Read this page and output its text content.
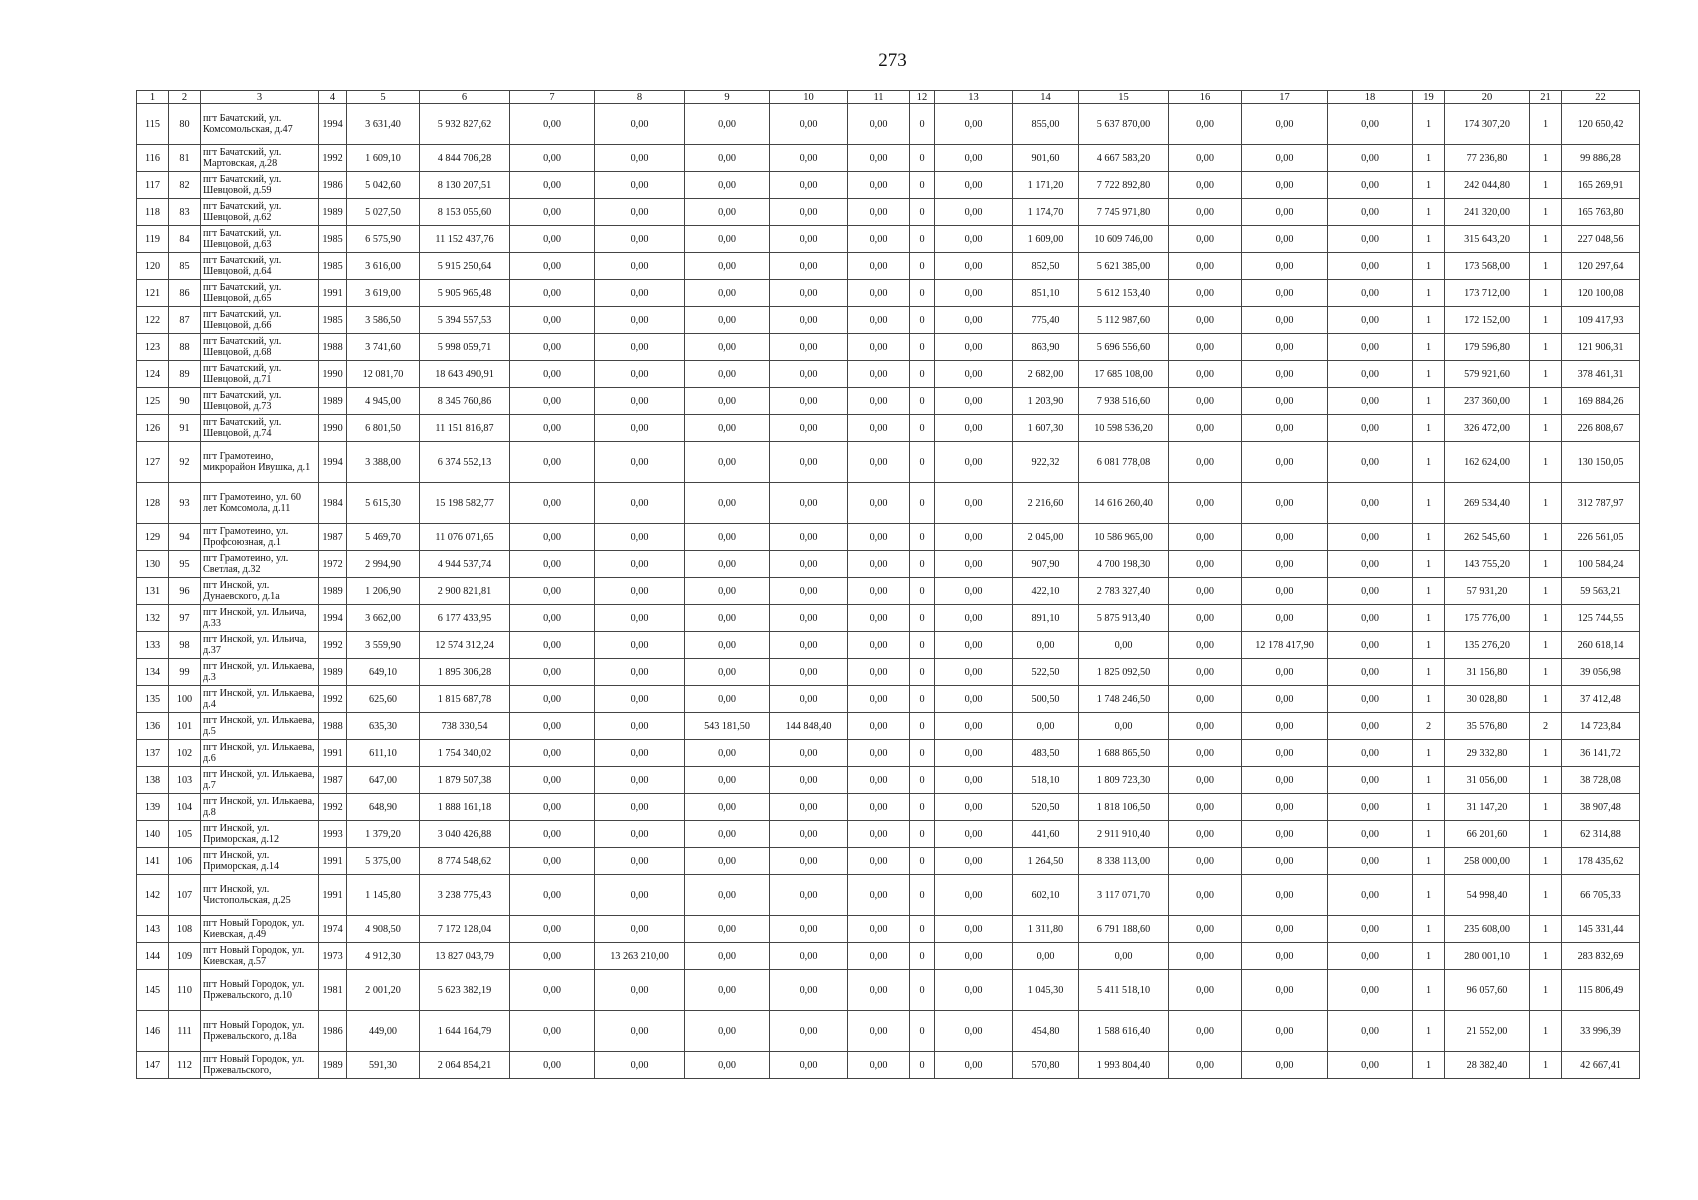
273
1	2	3	4	5	6	7	8	9	10	11	12	13	14	15	16	17	18	19	20	21	22
115	80	пгт Бачатский, ул. Комсомольская, д.47	1994	3 631,40	5 932 827,62	0,00	0,00	0,00	0,00	0,00	0	0,00	855,00	5 637 870,00	0,00	0,00	0,00	1	174 307,20	1	120 650,42
116	81	пгт Бачатский, ул. Мартовская, д.28	1992	1 609,10	4 844 706,28	0,00	0,00	0,00	0,00	0,00	0	0,00	901,60	4 667 583,20	0,00	0,00	0,00	1	77 236,80	1	99 886,28
117	82	пгт Бачатский, ул. Шевцовой, д.59	1986	5 042,60	8 130 207,51	0,00	0,00	0,00	0,00	0,00	0	0,00	1 171,20	7 722 892,80	0,00	0,00	0,00	1	242 044,80	1	165 269,91
118	83	пгт Бачатский, ул. Шевцовой, д.62	1989	5 027,50	8 153 055,60	0,00	0,00	0,00	0,00	0,00	0	0,00	1 174,70	7 745 971,80	0,00	0,00	0,00	1	241 320,00	1	165 763,80
119	84	пгт Бачатский, ул. Шевцовой, д.63	1985	6 575,90	11 152 437,76	0,00	0,00	0,00	0,00	0,00	0	0,00	1 609,00	10 609 746,00	0,00	0,00	0,00	1	315 643,20	1	227 048,56
120	85	пгт Бачатский, ул. Шевцовой, д.64	1985	3 616,00	5 915 250,64	0,00	0,00	0,00	0,00	0,00	0	0,00	852,50	5 621 385,00	0,00	0,00	0,00	1	173 568,00	1	120 297,64
121	86	пгт Бачатский, ул. Шевцовой, д.65	1991	3 619,00	5 905 965,48	0,00	0,00	0,00	0,00	0,00	0	0,00	851,10	5 612 153,40	0,00	0,00	0,00	1	173 712,00	1	120 100,08
122	87	пгт Бачатский, ул. Шевцовой, д.66	1985	3 586,50	5 394 557,53	0,00	0,00	0,00	0,00	0,00	0	0,00	775,40	5 112 987,60	0,00	0,00	0,00	1	172 152,00	1	109 417,93
123	88	пгт Бачатский, ул. Шевцовой, д.68	1988	3 741,60	5 998 059,71	0,00	0,00	0,00	0,00	0,00	0	0,00	863,90	5 696 556,60	0,00	0,00	0,00	1	179 596,80	1	121 906,31
124	89	пгт Бачатский, ул. Шевцовой, д.71	1990	12 081,70	18 643 490,91	0,00	0,00	0,00	0,00	0,00	0	0,00	2 682,00	17 685 108,00	0,00	0,00	0,00	1	579 921,60	1	378 461,31
125	90	пгт Бачатский, ул. Шевцовой, д.73	1989	4 945,00	8 345 760,86	0,00	0,00	0,00	0,00	0,00	0	0,00	1 203,90	7 938 516,60	0,00	0,00	0,00	1	237 360,00	1	169 884,26
126	91	пгт Бачатский, ул. Шевцовой, д.74	1990	6 801,50	11 151 816,87	0,00	0,00	0,00	0,00	0,00	0	0,00	1 607,30	10 598 536,20	0,00	0,00	0,00	1	326 472,00	1	226 808,67
127	92	пгт Грамотеино, микрорайон Ивушка, д.1	1994	3 388,00	6 374 552,13	0,00	0,00	0,00	0,00	0,00	0	0,00	922,32	6 081 778,08	0,00	0,00	0,00	1	162 624,00	1	130 150,05
128	93	пгт Грамотеино, ул. 60 лет Комсомола, д.11	1984	5 615,30	15 198 582,77	0,00	0,00	0,00	0,00	0,00	0	0,00	2 216,60	14 616 260,40	0,00	0,00	0,00	1	269 534,40	1	312 787,97
129	94	пгт Грамотеино, ул. Профсоюзная, д.1	1987	5 469,70	11 076 071,65	0,00	0,00	0,00	0,00	0,00	0	0,00	2 045,00	10 586 965,00	0,00	0,00	0,00	1	262 545,60	1	226 561,05
130	95	пгт Грамотеино, ул. Светлая, д.32	1972	2 994,90	4 944 537,74	0,00	0,00	0,00	0,00	0,00	0	0,00	907,90	4 700 198,30	0,00	0,00	0,00	1	143 755,20	1	100 584,24
131	96	пгт Инской, ул. Дунаевского, д.1а	1989	1 206,90	2 900 821,81	0,00	0,00	0,00	0,00	0,00	0	0,00	422,10	2 783 327,40	0,00	0,00	0,00	1	57 931,20	1	59 563,21
132	97	пгт Инской, ул. Ильича, д.33	1994	3 662,00	6 177 433,95	0,00	0,00	0,00	0,00	0,00	0	0,00	891,10	5 875 913,40	0,00	0,00	0,00	1	175 776,00	1	125 744,55
133	98	пгт Инской, ул. Ильича, д.37	1992	3 559,90	12 574 312,24	0,00	0,00	0,00	0,00	0,00	0	0,00	0,00	0,00	0,00	12 178 417,90	0,00	1	135 276,20	1	260 618,14
134	99	пгт Инской, ул. Илькаева, д.3	1989	649,10	1 895 306,28	0,00	0,00	0,00	0,00	0,00	0	0,00	522,50	1 825 092,50	0,00	0,00	0,00	1	31 156,80	1	39 056,98
135	100	пгт Инской, ул. Илькаева, д.4	1992	625,60	1 815 687,78	0,00	0,00	0,00	0,00	0,00	0	0,00	500,50	1 748 246,50	0,00	0,00	0,00	1	30 028,80	1	37 412,48
136	101	пгт Инской, ул. Илькаева, д.5	1988	635,30	738 330,54	0,00	0,00	543 181,50	144 848,40	0,00	0	0,00	0,00	0,00	0,00	0,00	0,00	2	35 576,80	2	14 723,84
137	102	пгт Инской, ул. Илькаева, д.6	1991	611,10	1 754 340,02	0,00	0,00	0,00	0,00	0,00	0	0,00	483,50	1 688 865,50	0,00	0,00	0,00	1	29 332,80	1	36 141,72
138	103	пгт Инской, ул. Илькаева, д.7	1987	647,00	1 879 507,38	0,00	0,00	0,00	0,00	0,00	0	0,00	518,10	1 809 723,30	0,00	0,00	0,00	1	31 056,00	1	38 728,08
139	104	пгт Инской, ул. Илькаева, д.8	1992	648,90	1 888 161,18	0,00	0,00	0,00	0,00	0,00	0	0,00	520,50	1 818 106,50	0,00	0,00	0,00	1	31 147,20	1	38 907,48
140	105	пгт Инской, ул. Приморская, д.12	1993	1 379,20	3 040 426,88	0,00	0,00	0,00	0,00	0,00	0	0,00	441,60	2 911 910,40	0,00	0,00	0,00	1	66 201,60	1	62 314,88
141	106	пгт Инской, ул. Приморская, д.14	1991	5 375,00	8 774 548,62	0,00	0,00	0,00	0,00	0,00	0	0,00	1 264,50	8 338 113,00	0,00	0,00	0,00	1	258 000,00	1	178 435,62
142	107	пгт Инской, ул. Чистопольская, д.25	1991	1 145,80	3 238 775,43	0,00	0,00	0,00	0,00	0,00	0	0,00	602,10	3 117 071,70	0,00	0,00	0,00	1	54 998,40	1	66 705,33
143	108	пгт Новый Городок, ул. Киевская, д.49	1974	4 908,50	7 172 128,04	0,00	0,00	0,00	0,00	0,00	0	0,00	1 311,80	6 791 188,60	0,00	0,00	0,00	1	235 608,00	1	145 331,44
144	109	пгт Новый Городок, ул. Киевская, д.57	1973	4 912,30	13 827 043,79	0,00	13 263 210,00	0,00	0,00	0,00	0	0,00	0,00	0,00	0,00	0,00	0,00	1	280 001,10	1	283 832,69
145	110	пгт Новый Городок, ул. Пржевальского, д.10	1981	2 001,20	5 623 382,19	0,00	0,00	0,00	0,00	0,00	0	0,00	1 045,30	5 411 518,10	0,00	0,00	0,00	1	96 057,60	1	115 806,49
146	111	пгт Новый Городок, ул. Пржевальского, д.18а	1986	449,00	1 644 164,79	0,00	0,00	0,00	0,00	0,00	0	0,00	454,80	1 588 616,40	0,00	0,00	0,00	1	21 552,00	1	33 996,39
147	112	пгт Новый Городок, ул. Пржевальского,	1989	591,30	2 064 854,21	0,00	0,00	0,00	0,00	0,00	0	0,00	570,80	1 993 804,40	0,00	0,00	0,00	1	28 382,40	1	42 667,41
